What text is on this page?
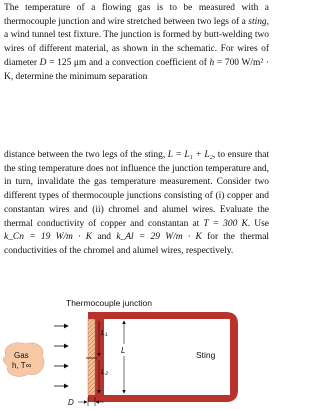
The temperature of a flowing gas is to be measured with a thermocouple junction and wire stretched between two legs of a sting, a wind tunnel test fixture. The junction is formed by butt-welding two wires of different material, as shown in the schematic. For wires of diameter D = 125 μm and a convection coefficient of h = 700 W/m² · K, determine the minimum separation
distance between the two legs of the sting, L = L₁ + L₂, to ensure that the sting temperature does not influence the junction temperature and, in turn, invalidate the gas temperature measurement. Consider two different types of thermocouple junctions consisting of (i) copper and constantan wires and (ii) chromel and alumel wires. Evaluate the thermal conductivity of copper and constantan at T = 300 K. Use k_Cn = 19 W/m · K and k_Al = 29 W/m · K for the thermal conductivities of the chromel and alumel wires, respectively.
Thermocouple junction
Gas
h, T∞
Sting
L₁
L₂
L
D
